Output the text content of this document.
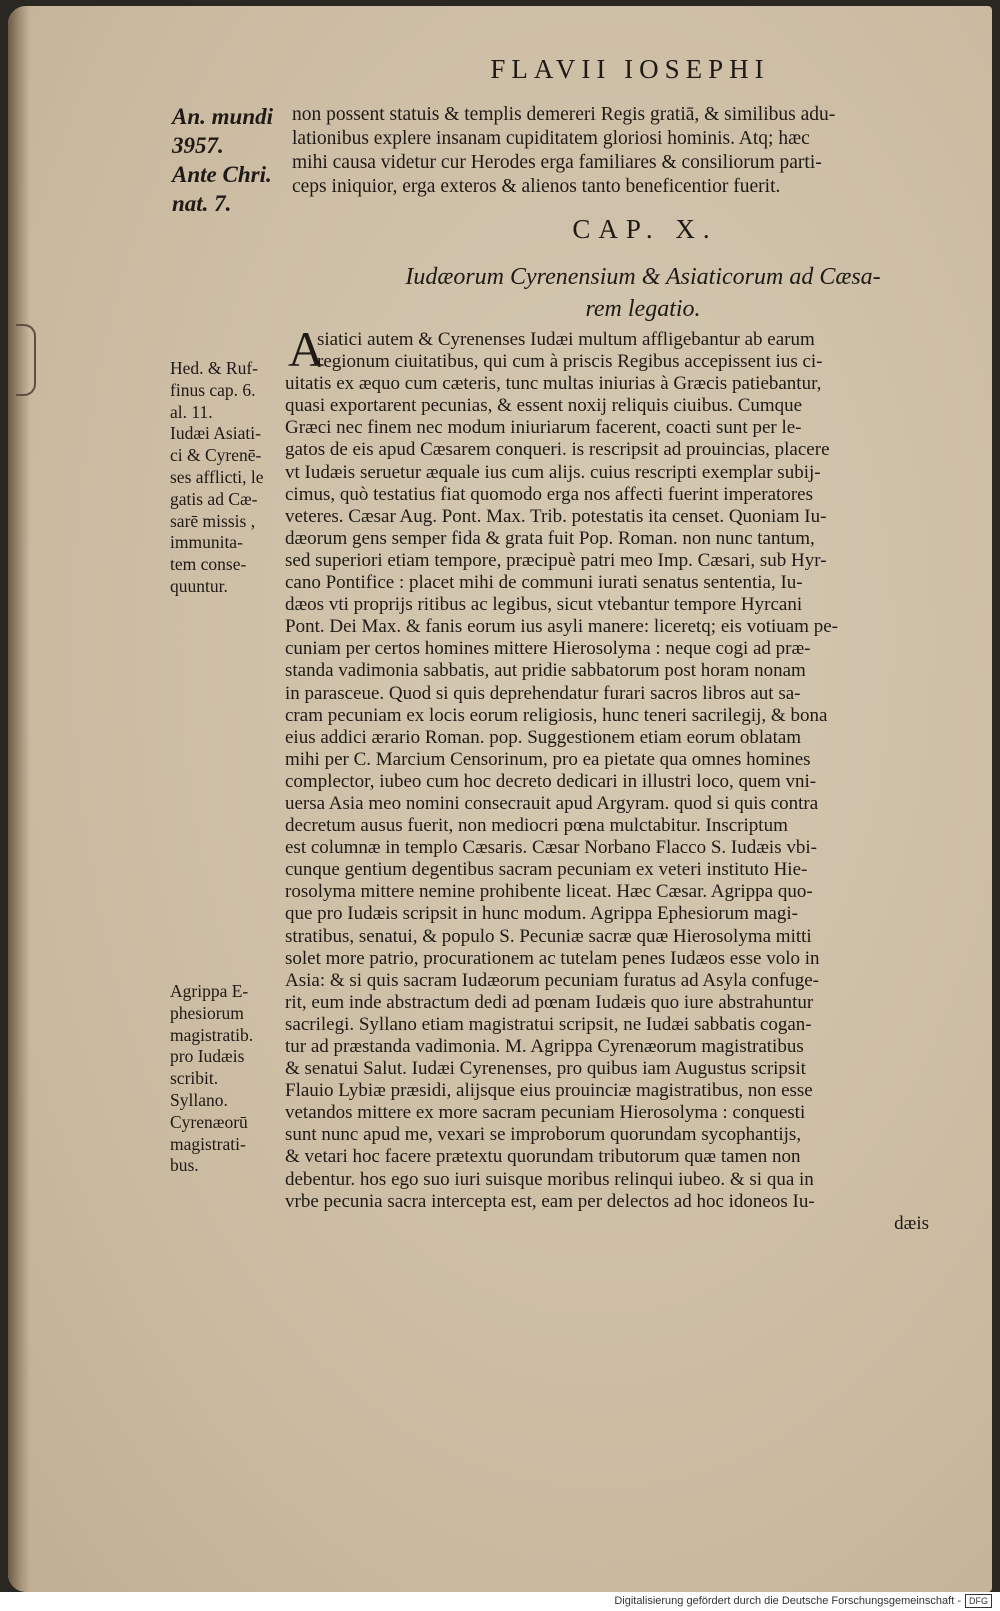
FLAVII IOSEPHI
An. mundi
3957.
Ante Chri.
nat. 7.
non possent statuis & templis demereri Regis gratiā, & similibus adu-
lationibus explere insanam cupiditatem gloriosi hominis. Atq; hæc
mihi causa videtur cur Herodes erga familiares & consiliorum parti-
ceps iniquior, erga exteros & alienos tanto beneficentior fuerit.
CAP. X.
Iudæorum Cyrenensium & Asiaticorum ad Cæsa-
rem legatio.
Hed. & Ruf-
finus cap. 6.
al. 11.
Iudæi Asiati-
ci & Cyrenē-
ses afflicti, le
gatis ad Cæ-
sarē missis ,
immunita-
tem conse-
quuntur.
Agrippa E-
phesiorum
magistratib.
pro Iudæis
scribit.
Syllano.
Cyrenæorū
magistrati-
bus.
A
siatici autem & Cyrenenses Iudæi multum affligebantur ab earum
regionum ciuitatibus, qui cum à priscis Regibus accepissent ius ci-
uitatis ex æquo cum cæteris, tunc multas iniurias à Græcis patiebantur,
quasi exportarent pecunias, & essent noxij reliquis ciuibus. Cumque
Græci nec finem nec modum iniuriarum facerent, coacti sunt per le-
gatos de eis apud Cæsarem conqueri. is rescripsit ad prouincias, placere
vt Iudæis seruetur æquale ius cum alijs. cuius rescripti exemplar subij-
cimus, quò testatius fiat quomodo erga nos affecti fuerint imperatores
veteres. Cæsar Aug. Pont. Max. Trib. potestatis ita censet. Quoniam Iu-
dæorum gens semper fida & grata fuit Pop. Roman. non nunc tantum,
sed superiori etiam tempore, præcipuè patri meo Imp. Cæsari, sub Hyr-
cano Pontifice : placet mihi de communi iurati senatus sententia, Iu-
dæos vti proprijs ritibus ac legibus, sicut vtebantur tempore Hyrcani
Pont. Dei Max. & fanis eorum ius asyli manere: liceretq; eis votiuam pe-
cuniam per certos homines mittere Hierosolyma : neque cogi ad præ-
standa vadimonia sabbatis, aut pridie sabbatorum post horam nonam
in parasceue. Quod si quis deprehendatur furari sacros libros aut sa-
cram pecuniam ex locis eorum religiosis, hunc teneri sacrilegij, & bona
eius addici ærario Roman. pop. Suggestionem etiam eorum oblatam
mihi per C. Marcium Censorinum, pro ea pietate qua omnes homines
complector, iubeo cum hoc decreto dedicari in illustri loco, quem vni-
uersa Asia meo nomini consecrauit apud Argyram. quod si quis contra
decretum ausus fuerit, non mediocri pœna mulctabitur. Inscriptum
est columnæ in templo Cæsaris. Cæsar Norbano Flacco S. Iudæis vbi-
cunque gentium degentibus sacram pecuniam ex veteri instituto Hie-
rosolyma mittere nemine prohibente liceat. Hæc Cæsar. Agrippa quo-
que pro Iudæis scripsit in hunc modum. Agrippa Ephesiorum magi-
stratibus, senatui, & populo S. Pecuniæ sacræ quæ Hierosolyma mitti
solet more patrio, procurationem ac tutelam penes Iudæos esse volo in
Asia: & si quis sacram Iudæorum pecuniam furatus ad Asyla confuge-
rit, eum inde abstractum dedi ad pœnam Iudæis quo iure abstrahuntur
sacrilegi. Syllano etiam magistratui scripsit, ne Iudæi sabbatis cogan-
tur ad præstanda vadimonia. M. Agrippa Cyrenæorum magistratibus
& senatui Salut. Iudæi Cyrenenses, pro quibus iam Augustus scripsit
Flauio Lybiæ præsidi, alijsque eius prouinciæ magistratibus, non esse
vetandos mittere ex more sacram pecuniam Hierosolyma : conquesti
sunt nunc apud me, vexari se improborum quorundam sycophantijs,
& vetari hoc facere prætextu quorundam tributorum quæ tamen non
debentur. hos ego suo iuri suisque moribus relinqui iubeo. & si qua in
vrbe pecunia sacra intercepta est, eam per delectos ad hoc idoneos Iu-
dæis
Digitalisierung gefördert durch die Deutsche Forschungsgemeinschaft - DFG
